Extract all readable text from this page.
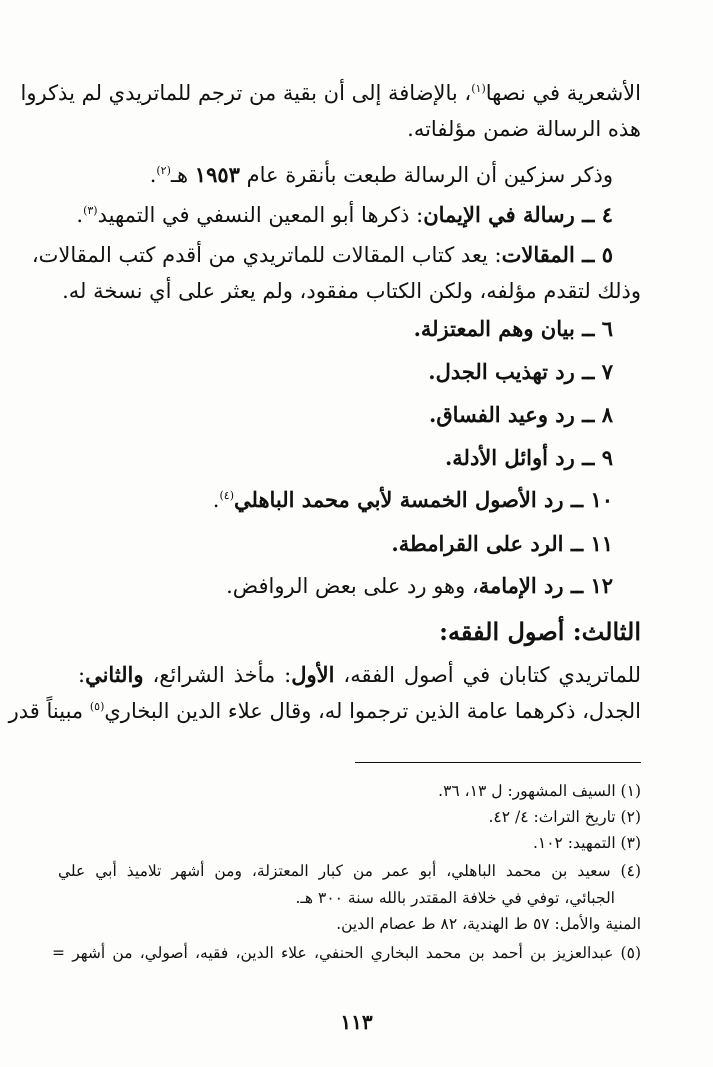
الأشعرية في نصها$^{(١)}$، بالإضافة إلى أن بقية من ترجم للماتريدي لم يذكروا
هذه الرسالة ضمن مؤلفاته.
وذكر سزكين أن الرسالة طبعت بأنقرة عام ١٩٥٣ هـ$^{(٢)}$.
٤ ــ رسالة في الإيمان: ذكرها أبو المعين النسفي في التمهيد$^{(٣)}$.
٥ ــ المقالات: يعد كتاب المقالات للماتريدي من أقدم كتب المقالات،
وذلك لتقدم مؤلفه، ولكن الكتاب مفقود، ولم يعثر على أي نسخة له.
٦ ــ بيان وهم المعتزلة.
٧ ــ رد تهذيب الجدل.
٨ ــ رد وعيد الفساق.
٩ ــ رد أوائل الأدلة.
١٠ ــ رد الأصول الخمسة لأبي محمد الباهلي$^{(٤)}$.
١١ ــ الرد على القرامطة.
١٢ ــ رد الإمامة، وهو رد على بعض الروافض.
الثالث: أصول الفقه:
للماتريدي كتابان في أصول الفقه، الأول: مأخذ الشرائع، والثاني:
الجدل، ذكرهما عامة الذين ترجموا له، وقال علاء الدين البخاري$^{(٥)}$ مبيناً قدر
(١) السيف المشهور: ل ١٣، ٣٦.
(٢) تاريخ التراث: ٤/ ٤٢.
(٣) التمهيد: ١٠٢.
(٤) سعيد بن محمد الباهلي، أبو عمر من كبار المعتزلة، ومن أشهر تلاميذ أبي علي
الجبائي، توفي في خلافة المقتدر بالله سنة ٣٠٠ هـ.
المنية والأمل: ٥٧ ط الهندية، ٨٢ ط عصام الدين.
(٥) عبدالعزيز بن أحمد بن محمد البخاري الحنفي، علاء الدين، فقيه، أصولي، من أشهر =
١١٣
